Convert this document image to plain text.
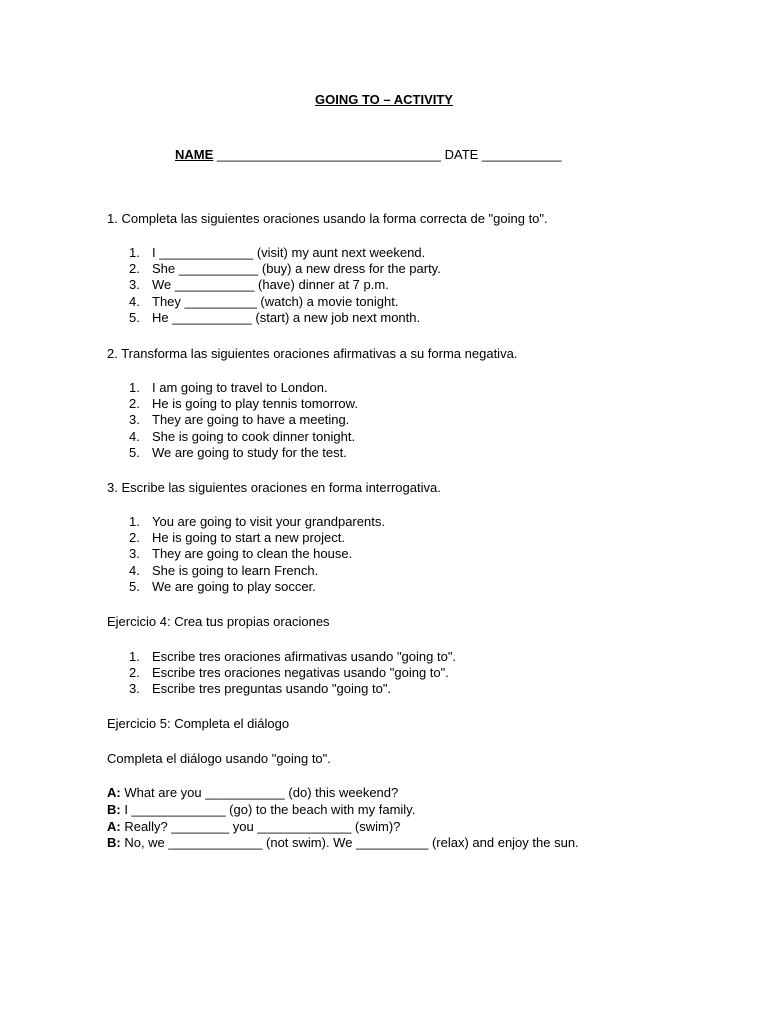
GOING TO – ACTIVITY
NAME _______________________________ DATE ___________
1. Completa las siguientes oraciones usando la forma correcta de "going to".
1. I _____________ (visit) my aunt next weekend.
2. She ___________ (buy) a new dress for the party.
3. We ___________ (have) dinner at 7 p.m.
4. They __________ (watch) a movie tonight.
5. He ___________ (start) a new job next month.
2. Transforma las siguientes oraciones afirmativas a su forma negativa.
1. I am going to travel to London.
2. He is going to play tennis tomorrow.
3. They are going to have a meeting.
4. She is going to cook dinner tonight.
5. We are going to study for the test.
3. Escribe las siguientes oraciones en forma interrogativa.
1. You are going to visit your grandparents.
2. He is going to start a new project.
3. They are going to clean the house.
4. She is going to learn French.
5. We are going to play soccer.
Ejercicio 4: Crea tus propias oraciones
1. Escribe tres oraciones afirmativas usando "going to".
2. Escribe tres oraciones negativas usando "going to".
3. Escribe tres preguntas usando "going to".
Ejercicio 5: Completa el diálogo
Completa el diálogo usando "going to".
A: What are you ___________ (do) this weekend?
B: I _____________ (go) to the beach with my family.
A: Really? ________ you _____________ (swim)?
B: No, we _____________ (not swim). We __________ (relax) and enjoy the sun.
